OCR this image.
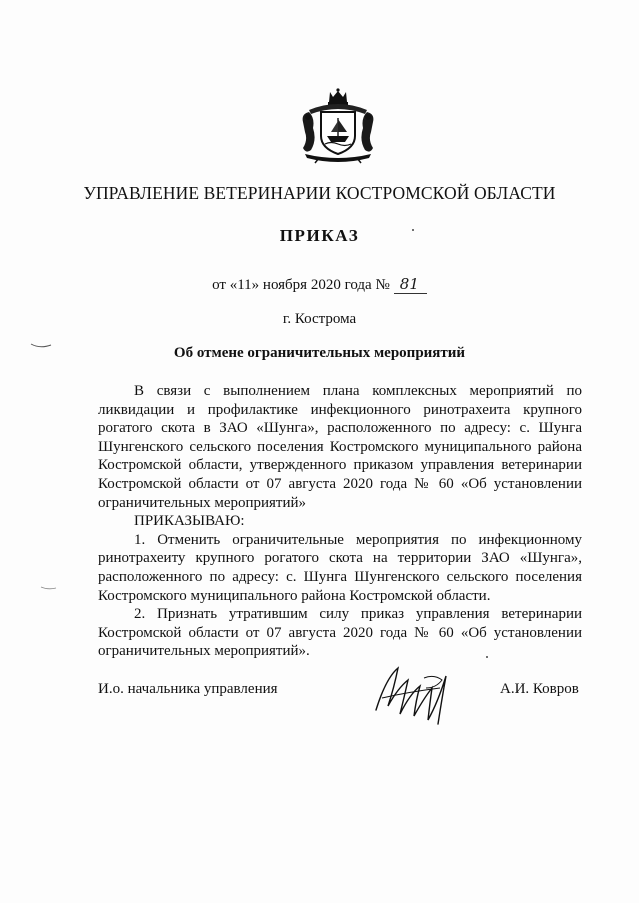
УПРАВЛЕНИЕ ВЕТЕРИНАРИИ КОСТРОМСКОЙ ОБЛАСТИ
ПРИКАЗ
от «11» ноября 2020 года № 81
г. Кострома
Об отмене ограничительных мероприятий

В связи с выполнением плана комплексных мероприятий по ликвидации и профилактике инфекционного ринотрахеита крупного рогатого скота в ЗАО «Шунга», расположенного по адресу: с. Шунга Шунгенского сельского поселения Костромского муниципального района Костромской области, утвержденного приказом управления ветеринарии Костромской области от 07 августа 2020 года № 60 «Об установлении ограничительных мероприятий»

ПРИКАЗЫВАЮ:

1. Отменить ограничительные мероприятия по инфекционному ринотрахеиту крупного рогатого скота на территории ЗАО «Шунга», расположенного по адресу: с. Шунга Шунгенского сельского поселения Костромского муниципального района Костромской области.

2. Признать утратившим силу приказ управления ветеринарии Костромской области от 07 августа 2020 года № 60 «Об установлении ограничительных мероприятий».

И.о. начальника управления	А.И. Ковров
